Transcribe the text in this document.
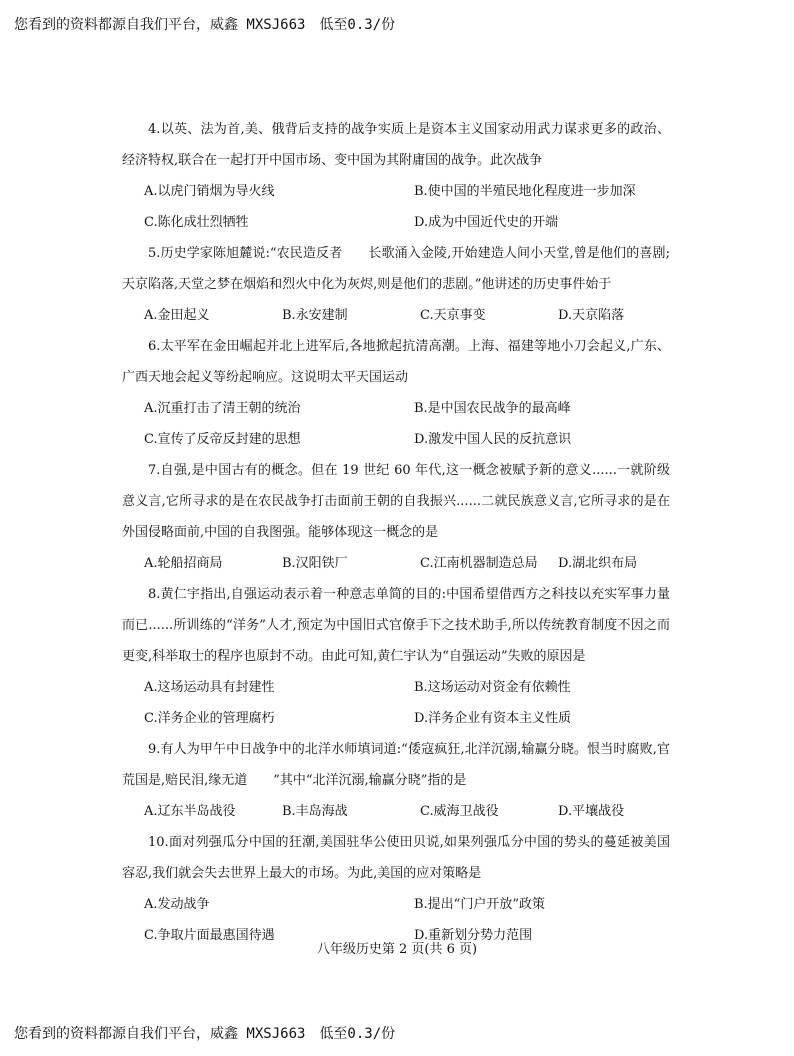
您看到的资料都源自我们平台，威鑫 MXSJ663 低至0.3/份

4.以英、法为首,美、俄背后支持的战争实质上是资本主义国家动用武力谋求更多的政治、经济特权,联合在一起打开中国市场、变中国为其附庸国的战争。此次战争

A.以虎门销烟为导火线	B.使中国的半殖民地化程度进一步加深
C.陈化成壮烈牺牲	D.成为中国近代史的开端

5.历史学家陈旭麓说:“农民造反者 长歌涌入金陵,开始建造人间小天堂,曾是他们的喜剧;天京陷落,天堂之梦在烟焰和烈火中化为灰烬,则是他们的悲剧。”他讲述的历史事件始于

A.金田起义	B.永安建制	C.天京事变	D.天京陷落

6.太平军在金田崛起并北上进军后,各地掀起抗清高潮。上海、福建等地小刀会起义,广东、广西天地会起义等纷起响应。这说明太平天国运动

A.沉重打击了清王朝的统治	B.是中国农民战争的最高峰
C.宣传了反帝反封建的思想	D.激发中国人民的反抗意识

7.自强,是中国古有的概念。但在 19 世纪 60 年代,这一概念被赋予新的意义......一就阶级意义言,它所寻求的是在农民战争打击面前王朝的自我振兴......二就民族意义言,它所寻求的是在外国侵略面前,中国的自我图强。能够体现这一概念的是

A.轮船招商局	B.汉阳铁厂	C.江南机器制造总局	D.湖北织布局

8.黄仁宇指出,自强运动表示着一种意志单简的目的:中国希望借西方之科技以充实军事力量而已......所训练的“洋务”人才,预定为中国旧式官僚手下之技术助手,所以传统教育制度不因之而更变,科举取士的程序也原封不动。由此可知,黄仁宇认为“自强运动”失败的原因是

A.这场运动具有封建性	B.这场运动对资金有依赖性
C.洋务企业的管理腐朽	D.洋务企业有资本主义性质

9.有人为甲午中日战争中的北洋水师填词道:“倭寇疯狂,北洋沉溺,输赢分晓。恨当时腐败,官荒国是,赔民泪,缘无道 ”其中“北洋沉溺,输赢分晓”指的是

A.辽东半岛战役	B.丰岛海战	C.威海卫战役	D.平壤战役

10.面对列强瓜分中国的狂潮,美国驻华公使田贝说,如果列强瓜分中国的势头的蔓延被美国容忍,我们就会失去世界上最大的市场。为此,美国的应对策略是

A.发动战争	B.提出“门户开放”政策
C.争取片面最惠国待遇	D.重新划分势力范围
八年级历史第 2 页(共 6 页)
您看到的资料都源自我们平台，威鑫 MXSJ663 低至0.3/份
